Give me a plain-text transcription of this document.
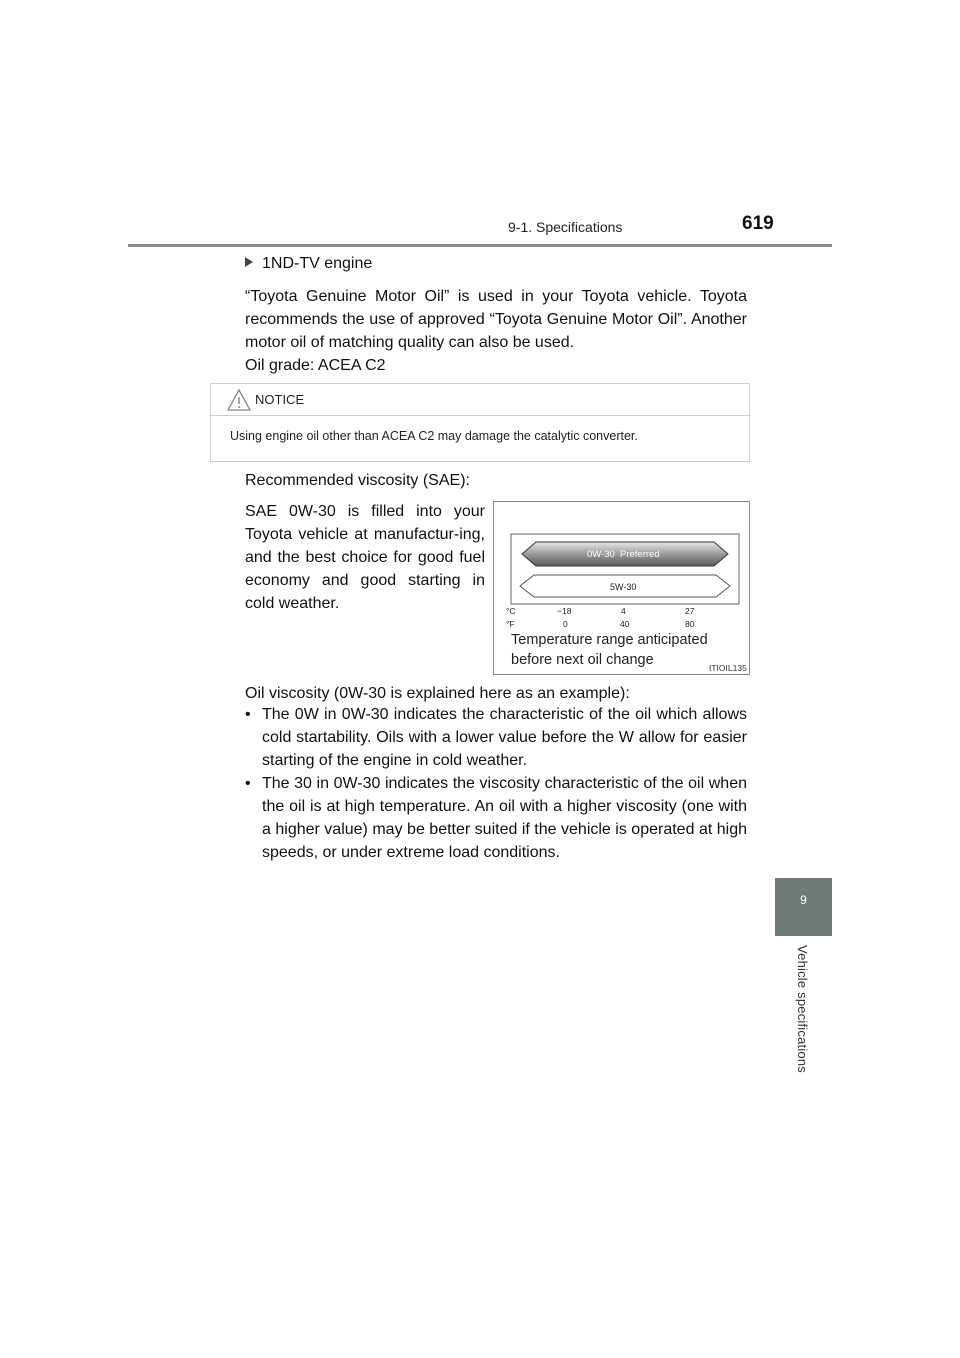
9-1. Specifications	619
9
Vehicle specifications
1ND-TV engine
“Toyota Genuine Motor Oil” is used in your Toyota vehicle. Toyota recommends the use of approved “Toyota Genuine Motor Oil”. Another motor oil of matching quality can also be used.
Oil grade: ACEA C2
NOTICE
Using engine oil other than ACEA C2 may damage the catalytic converter.
Recommended viscosity (SAE):
SAE 0W-30 is filled into your Toyota vehicle at manufactur-ing, and the best choice for good fuel economy and good starting in cold weather.
0W-30 Preferred
5W-30
°C
°F
−18	4	27
0	40	80
Temperature range anticipated
before next oil change	ITIOIL135
Oil viscosity (0W-30 is explained here as an example):
• The 0W in 0W-30 indicates the characteristic of the oil which allows cold startability. Oils with a lower value before the W allow for easier starting of the engine in cold weather.
• The 30 in 0W-30 indicates the viscosity characteristic of the oil when the oil is at high temperature. An oil with a higher viscosity (one with a higher value) may be better suited if the vehicle is operated at high speeds, or under extreme load conditions.
